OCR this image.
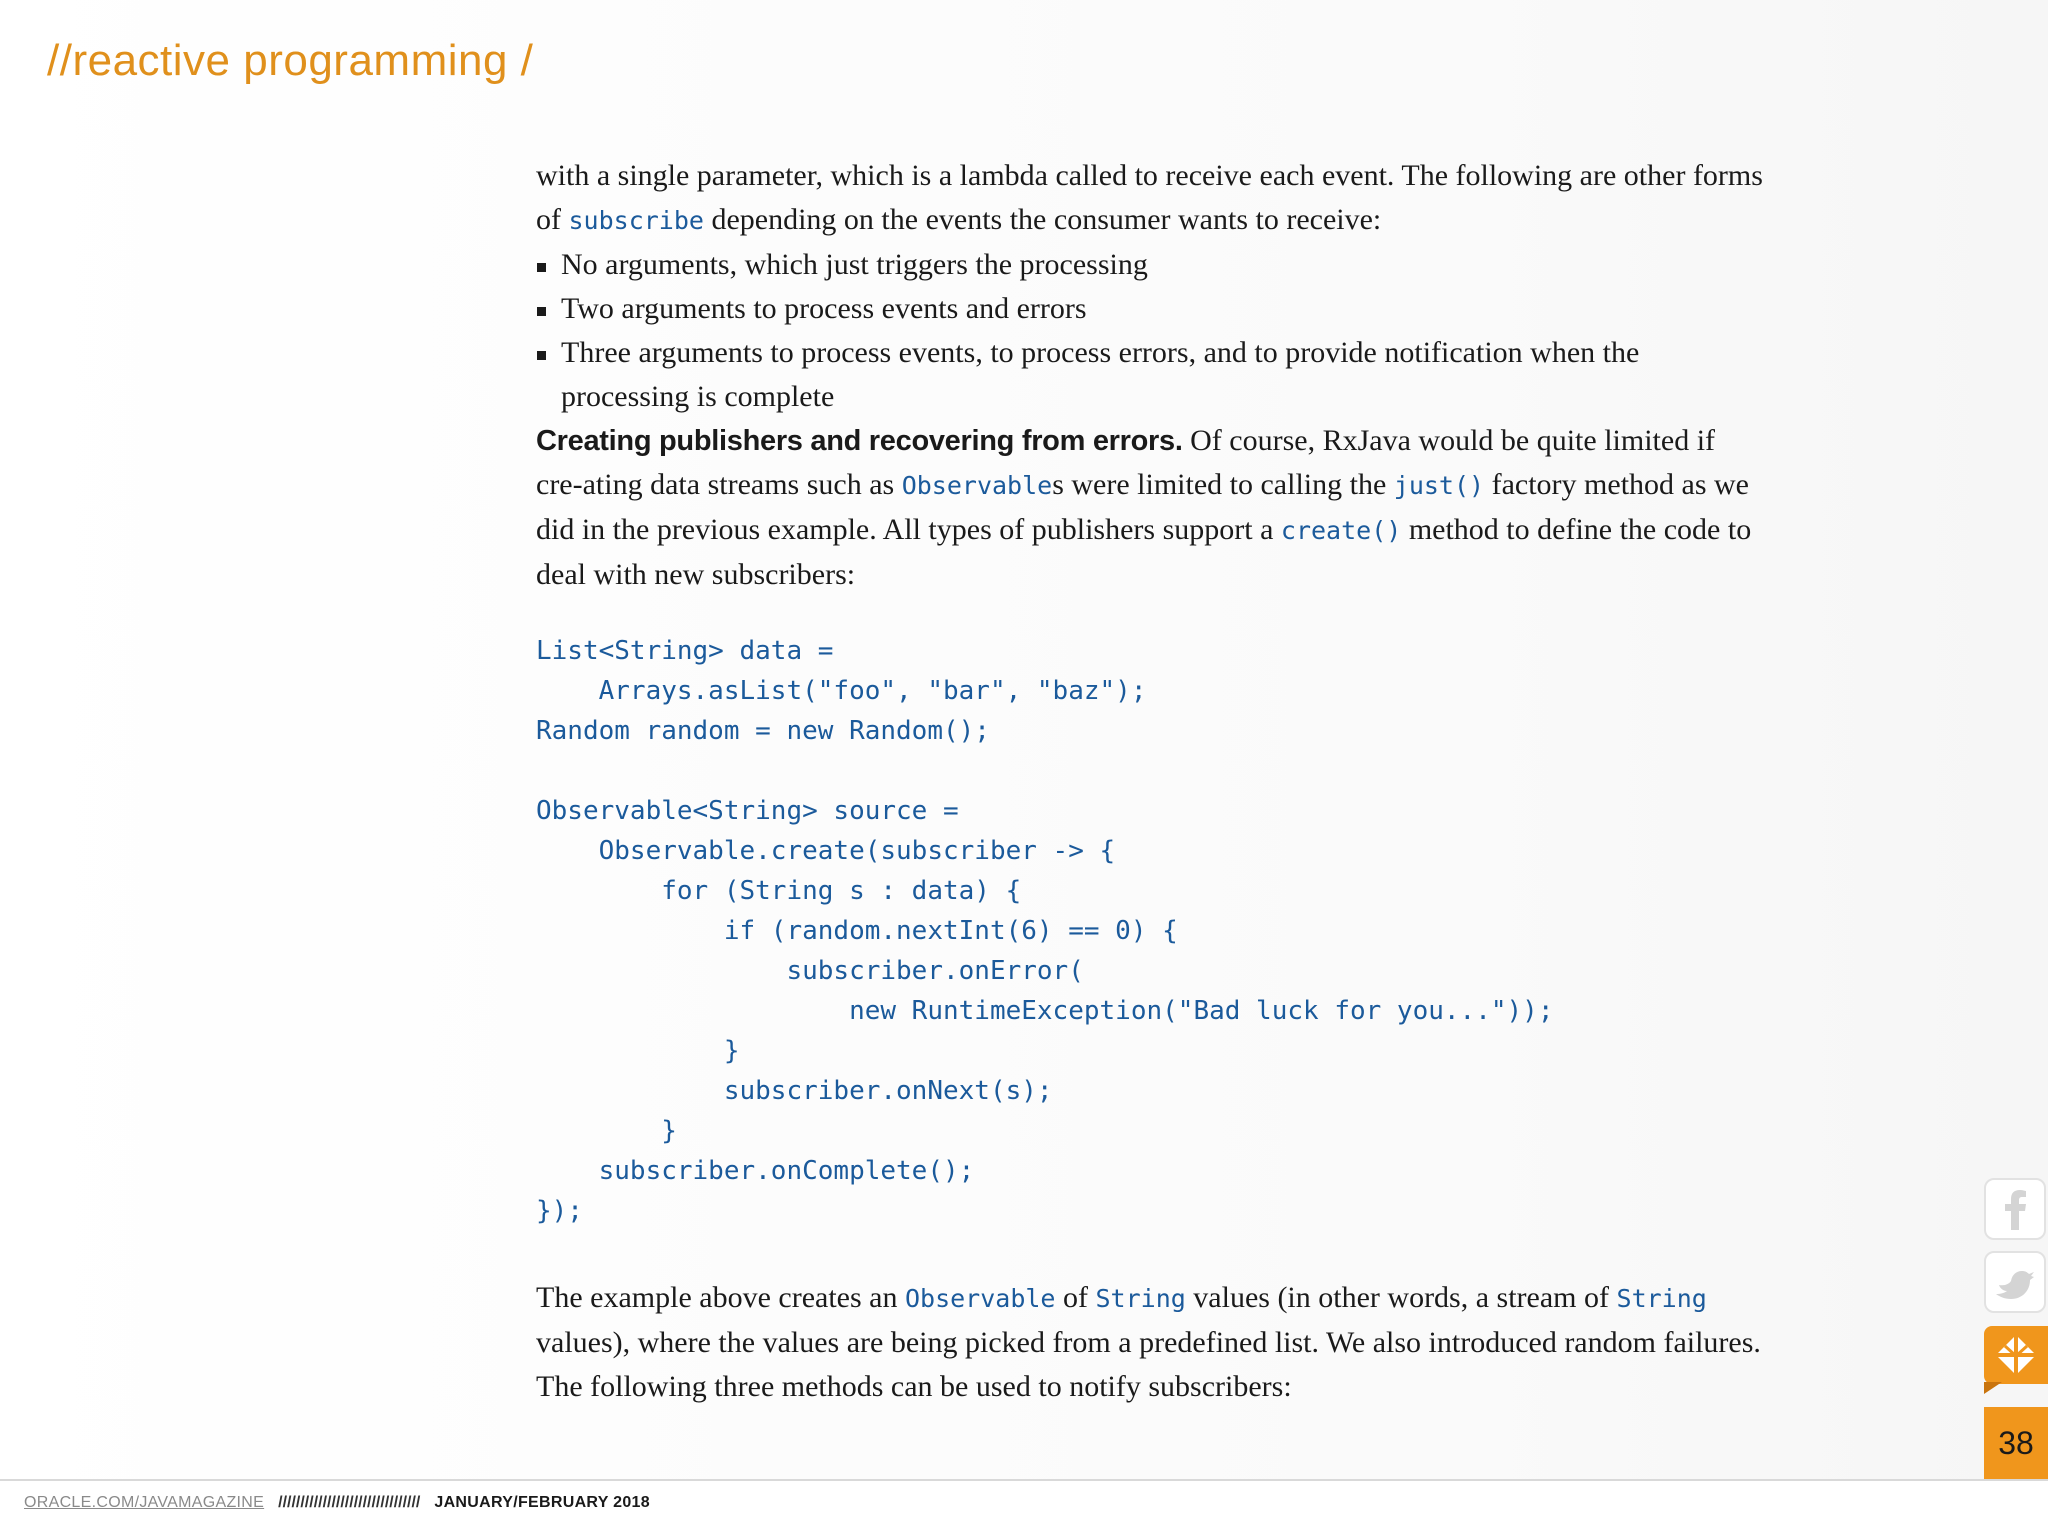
//reactive programming /

with a single parameter, which is a lambda called to receive each event. The following are other forms of subscribe depending on the events the consumer wants to receive:

No arguments, which just triggers the processing
Two arguments to process events and errors
Three arguments to process events, to process errors, and to provide notification when the processing is complete

Creating publishers and recovering from errors. Of course, RxJava would be quite limited if cre-ating data streams such as Observables were limited to calling the just() factory method as we did in the previous example. All types of publishers support a create() method to define the code to deal with new subscribers:

List<String> data =
Arrays.asList("foo", "bar", "baz");
Random random = new Random();

Observable<String> source =
Observable.create(subscriber -> {
for (String s : data) {
if (random.nextInt(6) == 0) {
subscriber.onError(
new RuntimeException("Bad luck for you..."));
}
subscriber.onNext(s);
}
subscriber.onComplete();
});

The example above creates an Observable of String values (in other words, a stream of String values), where the values are being picked from a predefined list. We also introduced random failures. The following three methods can be used to notify subscribers:

38
ORACLE.COM/JAVAMAGAZINE //////////////////////////////// JANUARY/FEBRUARY 2018
